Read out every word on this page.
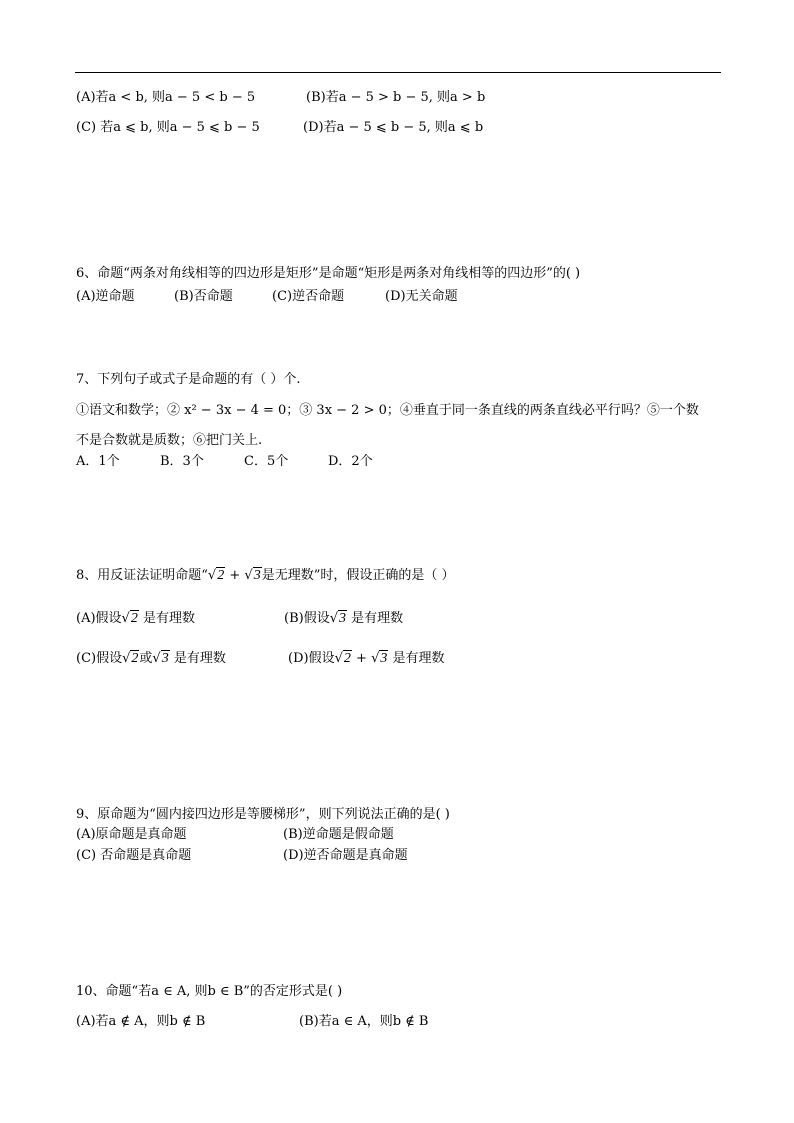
(A)若a < b, 则a − 5 < b − 5	(B)若a − 5 > b − 5, 则a > b
(C) 若a ⩽ b, 则a − 5 ⩽ b − 5	(D)若a − 5 ⩽ b − 5, 则a ⩽ b
6、命题“两条对角线相等的四边形是矩形”是命题“矩形是两条对角线相等的四边形”的( )
(A)逆命题	(B)否命题	(C)逆否命题	(D)无关命题
7、下列句子或式子是命题的有（ ）个.
①语文和数学；② x² − 3x − 4 = 0；③ 3x − 2 > 0；④垂直于同一条直线的两条直线必平行吗？⑤一个数
不是合数就是质数；⑥把门关上.
A．1个	B．3个	C．5个	D．2个
8、用反证法证明命题“√2 + √3是无理数”时，假设正确的是（ ）
(A)假设√2 是有理数	(B)假设√3 是有理数
(C)假设√2或√3 是有理数	(D)假设√2 + √3 是有理数
9、原命题为“圆内接四边形是等腰梯形”，则下列说法正确的是( )
(A)原命题是真命题	(B)逆命题是假命题
(C) 否命题是真命题	(D)逆否命题是真命题
10、命题“若a ∈ A, 则b ∈ B”的否定形式是( )
(A)若a ∉ A，则b ∉ B	(B)若a ∈ A，则b ∉ B
